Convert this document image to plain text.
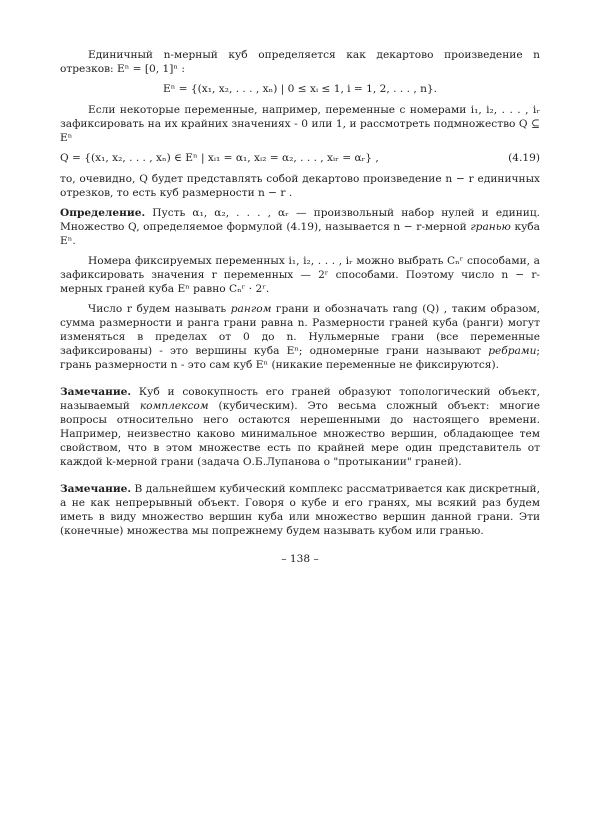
Единичный n-мерный куб определяется как декартово произведение n отрезков: Eⁿ = [0, 1]ⁿ :

Eⁿ = {(x₁, x₂, . . . , xₙ) | 0 ≤ xᵢ ≤ 1, i = 1, 2, . . . , n}.

Если некоторые переменные, например, переменные с номерами i₁, i₂, . . . , iᵣ зафиксировать на их крайних значениях - 0 или 1, и рассмотреть подмножество Q ⊆ Eⁿ

Q = {(x₁, x₂, . . . , xₙ) ∈ Eⁿ | xᵢ₁ = α₁, xᵢ₂ = α₂, . . . , xᵢᵣ = αᵣ} ,	(4.19)

то, очевидно, Q будет представлять собой декартово произведение n − r единичных отрезков, то есть куб размерности n − r .

Определение. Пусть α₁, α₂, . . . , αᵣ — произвольный набор нулей и единиц. Множество Q, определяемое формулой (4.19), называется n − r-мерной гранью куба Eⁿ.

Номера фиксируемых переменных i₁, i₂, . . . , iᵣ можно выбрать Cₙʳ способами, а зафиксировать значения r переменных — 2ʳ способами. Поэтому число n − r-мерных граней куба Eⁿ равно Cₙʳ · 2ʳ.

Число r будем называть рангом грани и обозначать rang (Q) , таким образом, сумма размерности и ранга грани равна n. Размерности граней куба (ранги) могут изменяться в пределах от 0 до n. Нульмерные грани (все переменные зафиксированы) - это вершины куба Eⁿ; одномерные грани называют ребрами; грань размерности n - это сам куб Eⁿ (никакие переменные не фиксируются).

Замечание. Куб и совокупность его граней образуют топологический объект, называемый комплексом (кубическим). Это весьма сложный объект: многие вопросы относительно него остаются нерешенными до настоящего времени. Например, неизвестно каково минимальное множество вершин, обладающее тем свойством, что в этом множестве есть по крайней мере один представитель от каждой k-мерной грани (задача О.Б.Лупанова о "протыкании" граней).

Замечание. В дальнейшем кубический комплекс рассматривается как дискретный, а не как непрерывный объект. Говоря о кубе и его гранях, мы всякий раз будем иметь в виду множество вершин куба или множество вершин данной грани. Эти (конечные) множества мы попрежнему будем называть кубом или гранью.

– 138 –
